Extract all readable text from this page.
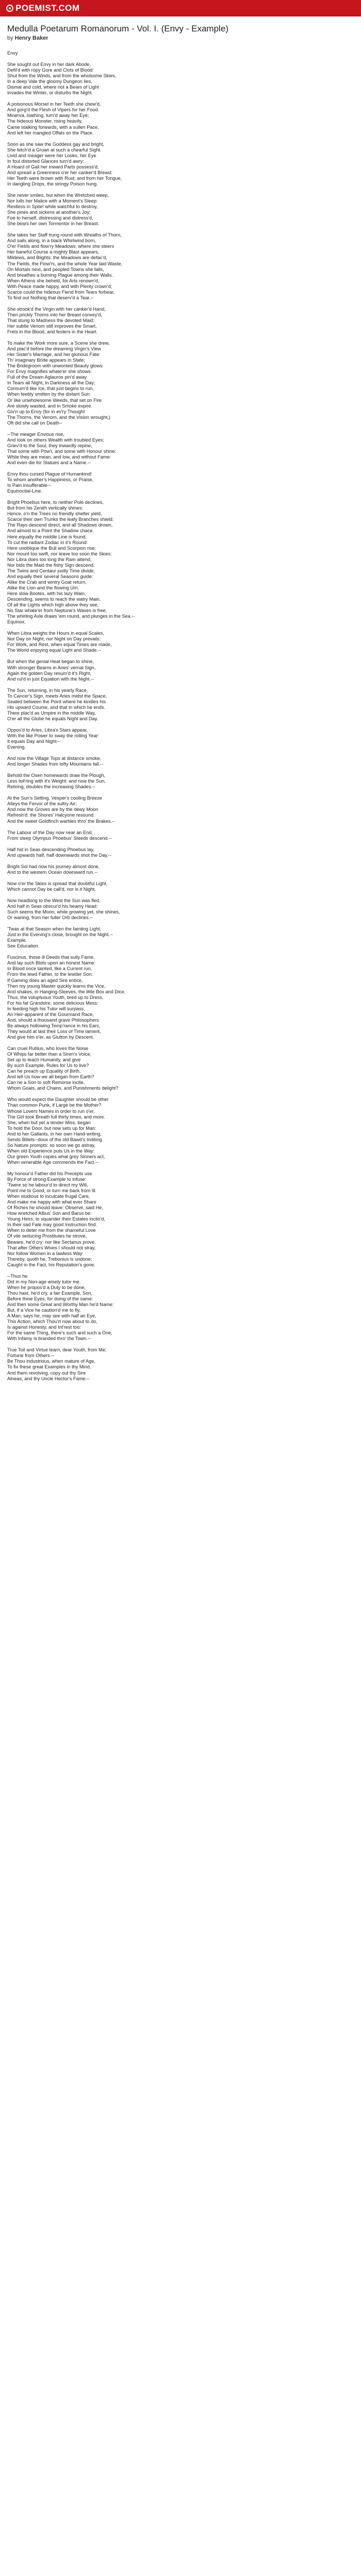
POEMIST.COM
Medulla Poetarum Romanorum - Vol. I. (Envy - Example)
by Henry Baker
Envy
She sought out Envy in her dark Abode,
Defil'd with ropy Gore and Clots of Blood:
Shut from the Winds, and from the wholsome Skies,
In a deep Vale the gloomy Dungeon lies,
Dismal and cold, where not a Beam of Light
Invades the Winter, or disturbs the Night.
A poisonous Morsel in her Teeth she chew'd,
And gorg'd the Flesh of Vipers for her Food.
Minerva, loathing, turn'd away her Eye;
The hideous Monster, rising heavily,
Came stalking forwards, with a sullen Pace,
And left her mangled Offals on the Place.
Soon as she saw the Goddess gay and bright,
She fetch'd a Groan at such a chearful Sight.
Livid and meager were her Looks, her Eye
In foul distorted Glances turn'd awry:
A Hoard of Gall her inward Parts possess'd,
And spread a Greenness o'er her canker'd Breast:
Her Teeth were brown with Rust; and from her Tongue,
In dangling Drops, the stringy Poison hung.
She never smiles, but when the Wretched weep,
Nor lulls her Malice with a Moment's Sleep:
Restless in Spite! while watchful to destroy,
She pines and sickens at another's Joy;
Foe to herself, distressing and distress'd,
She bears her own Tormentor in her Breast.
She takes her Staff hung round with Wreaths of Thorn,
And sails along, in a black Whirlwind born,
O'er Fields and flow'ry Meadows; where she steers
Her baneful Course a mighty Blast appears,
Mildews, and Blights: the Meadows are defac'd,
The Fields, the Flow'rs, and the whole Year laid Waste,
On Mortals next, and peopled Towns she falls,
And breathes a burning Plague among their Walls.
When Athens she beheld, for Arts renown'd,
With Peace made happy, and with Plenty crown'd;
Scarce could the hideous Fiend from Tears forbear,
To find out Nothing that deserv'd a Tear.--
She strook'd the Virgin with her canker'd Hand,
Then prickly Thorns into her Breast convey'd,
That stung to Madness the devoted Maid:
Her subtle Venom still improves the Smart,
Frets in the Blood, and festers in the Heart.
To make the Work more sure, a Scene she drew,
And plac'd before the dreaming Virgin's View
Her Sister's Marriage, and her glorious Fate:
Th' imaginary Bride appears in State;
The Bridegroom with unwonted Beauty glows:
For Envy magnifies whate'er she shows.
Full of the Dream Aglauros pin'd away
In Tears all Night, in Darkness all the Day;
Consum'd like Ice, that just begins to run,
When feebly smitten by the distant Sun:
Or like unwholesome Weeds, that set on Fire
Are slowly wasted, and in Smoke expire.
Giv'n up to Envy (for in ev'ry Thought
The Thorns, the Venom, and the Vision wrought,)
Oft did she call on Death--
--The meager Envious rise,
And look on others Wealth with troubled Eyes;
Griev'd to the Soul, they inwardly repine,
That some with Pow'r, and some with Honour shine:
While they are mean, and low, and without Fame:
And even die for Statues and a Name.--
Envy thou cursed Plague of Humankind!
To whom another's Happiness, or Praise,
Is Pain insufferable--
Equinoctial-Line.
Bright Phoebus here, to neither Pole declines,
But from his Zenith vertically shines:
Hence, o'n the Trees no friendly shelter yield,
Scarce their own Trunks the leafy Branches shield;
The Rays descend direct, and all Shadows drown,
And almost to a Point the Shadow chace.
Here equally the middle Line is found,
To cut the radiant Zodiac in it's Round:
Here unoblique the Bull and Scorpion rise;
Nor mount too swift, nor leave too soon the Skies:
Nor Libra does too long the Ram attend,
Nor bids the Maid the fishy Sign descend.
The Twins and Centaur justly Time divide,
And equally their several Seasons guide:
Alike the Crab and wintry Goat return,
Alike the Lion and the flowing Urn.
Here slow Bootes, with his lazy Wain,
Descending, seems to reach the watry Main.
Of all the Lights which high above they see,
No Star whate'er from Neptune's Waves is free,
The whirling Axle draws 'em round, and plunges in the Sea.--
Equinox.
When Libra weighs the Hours in equal Scales,
Nor Day on Night, nor Night on Day prevails:
For Work, and Rest, when equal Times are made,
The World enjoying equal Light and Shade.--
But when the genial Heat began to shine,
With stronger Beams in Aries' vernal Sign,
Again the golden Day resum'd it's Right,
And rul'd in just Equation with the Night.--
The Sun, returning, in his yearly Race,
To Cancer's Sign, meets Aries midst the Space,
Seated between the Point where he kindles his
His upward Course, and that in which he ends.
There plac'd as Umpire in the middle Way,
O'er all the Globe he equals Night and Day.
Oppos'd to Aries, Libra's Stars appear,
With the like Power to sway the rolling Year:
It equals Day and Night--
Evening.
And now the Village Tops at distance smoke,
And longer Shades from lofty Mountains fall.--
Behold the Oxen homewards draw the Plough,
Less toil'ring with it's Weight: and now the Sun,
Retiring, doubles the increasing Shades.--
At the Sun's Setting, Vesper's cooling Breeze
Alleys the Fervor of the sultry Air;
And now the Groves are by the dewy Moon
Refresh'd: the Shores' Halcyone resound:
And the sweet Goldfinch warbles thro' the Brakes.--
The Labour of the Day now near an End,
From steep Olympus Phoebus' Steeds descend.--
Half hid in Seas descending Phoebus lay,
And upwards half, half downwards shot the Day.--
Bright Sol had now his journey almost done,
And to the western Ocean downward run.--
Now o'er the Skies is spread that doubtful Light,
Which cannot Day be call'd, nor is it Night.
Now headlong to the West the Sun was fled,
And half in Seas obscur'd his beamy Head:
Such seems the Moon, while growing yet, she shines,
Or waning, from her fuller Orb declines.--
'Twas at that Season when the fainting Light,
Just in the Evening's close, brought on the Night.--
Example.
See Education.
Fuscinus, those ill Deeds that sully Fame,
And lay such Blots upon an honest Name:
In Blood once tainted, like a Current run,
From the lewd Father, to the lewder Son:
If Gaming does an aged Sire entice,
Then my young Master quickly learns the Vice,
And shakes, in Hanging-Sleeves, the little Box and Dice.
Thus, the voluptuous Youth, bred up to Dress,
For his fat Grandsire, some delicious Mess:
In feeding high his Tutor will surpass,
An Heir-apparent of the Gourmand Race,
And, should a thousand grave Philosophers
Be always hollowing Temp'rance in his Ears,
They would at last their Loss of Time lament,
And give him o'er, as Glutton by Descent.
Can cruel Rutilus, who loves the Noise
Of Whips far better than a Siren's Voice,
Set up to teach Humanity, and give
By such Example, Rules for Us to live?
Can he preach up Equality of Birth,
And tell Us how we all began from Earth?
Can he a Son to soft Remorse incite,
Whom Goals, and Chains, and Punishments delight?
Who would expect the Daughter should be other
Than common Punk, if Large be the Mother?
Whose Lovers Names in order to run o'er,
The Girl took Breath full thirty times, and more.
She, when but yet a tender Miss, began
To hold the Door, but now sets up for Man:
And to her Gallants, in her own Hand-writing,
Sends Billets--doux of the old Bawd's Inditing.
So Nature prompts: so soon we go astray,
When old Experience puts Us in the Way:
Our green Youth copies what grey Sinners act,
When venerable Age commends the Fact.--
My honour'd Father did his Precepts use
By Force of strong Example to infuse:
'Twere so he labour'd to direct my Will,
Point me to Good, or turn me back from Ill.
When studious to inculcate frugal Care,
And make me happy with what ever Share
Of Riches he should leave: Observe, said He,
How wretched Albus' Son and Barus be:
Young Heirs, to squander their Estates inclin'd,
In their sad Fate may good Instruction find.
When to deter me from the shameful Love
Of vile seducing Prostitutes he strove,
Beware, he'd cry: nor like Sectanus prove.
That after Others Wives I should not stray,
Nor follow Women in a lawless Way:
Thereby, quoth he, Trebonius is undone;
Caught in the Fact, his Reputation's gone.
--Thus he
Did in my Non-age wisely tutor me.
When he propos'd a Duty to be done,
Thou hast, he'd cry, a fair Example, Son,
Before thine Eyes, for doing of the same:
And then some Great and Worthy Man he'd Name:
But, if a Vice he caution'd me to fly,
A Man, says he, may see with half an Eye,
This Action, which Thou'rt now about to do,
Is against Honesty, and Int'rest too:
For the same Thing, there's such and such a One,
With Infamy is branded thro' the Town.--
True Toil and Virtue learn, dear Youth, from Me;
Fortune from Others.--
Be Thou industrious, when mature of Age,
To fix these great Examples in thy Mind,
And them revolving, copy out thy Sire
Alneas, and thy Uncle Hector's Fame.--
